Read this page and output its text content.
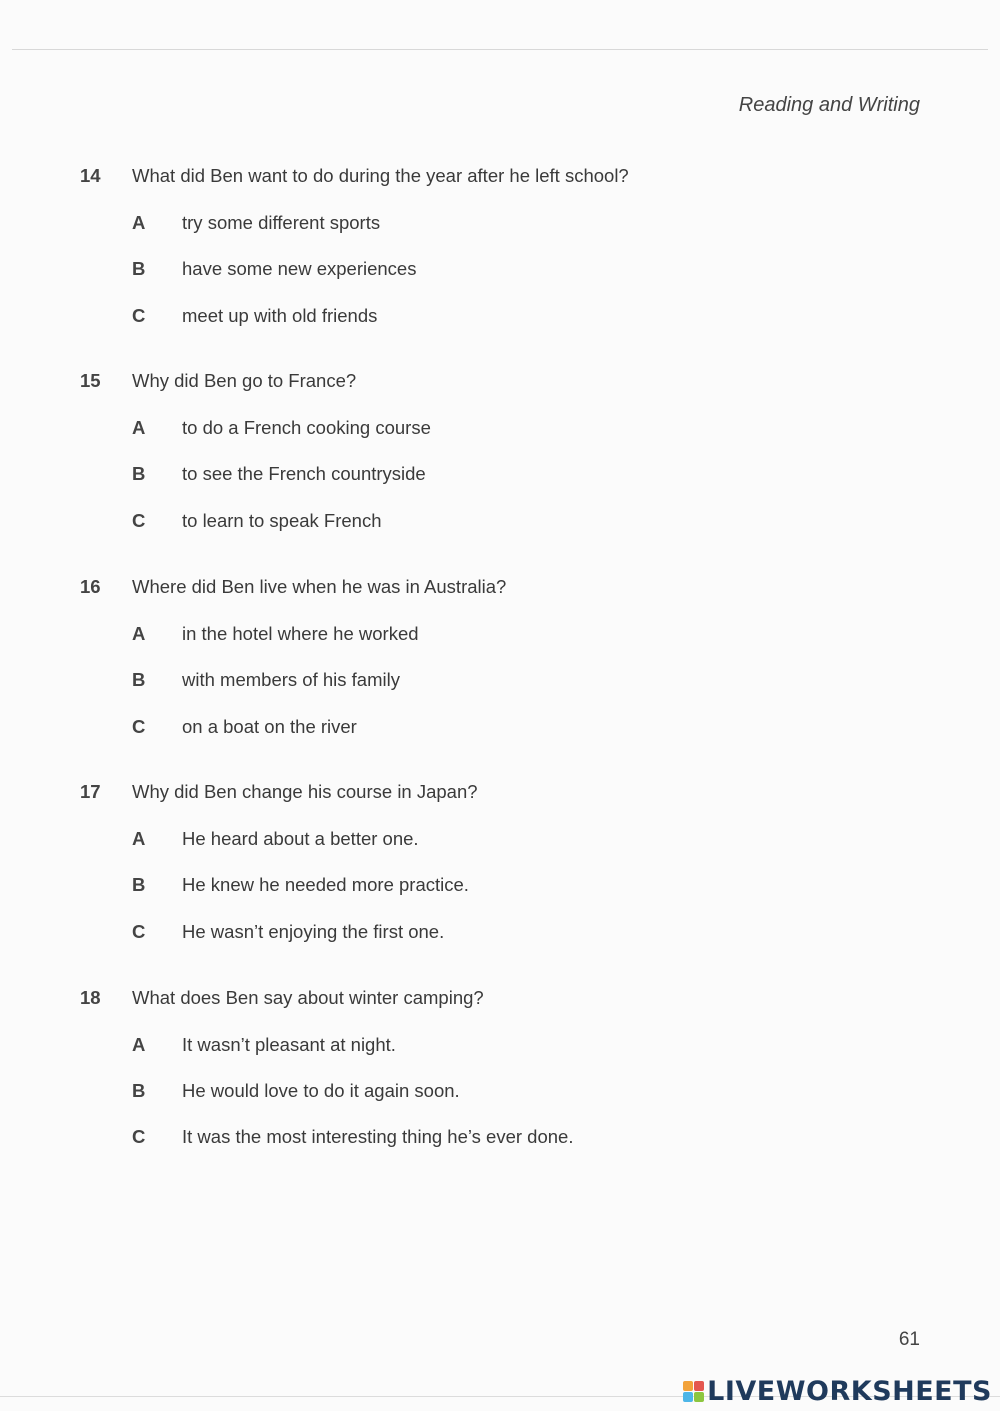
Reading and Writing
14 What did Ben want to do during the year after he left school?
A try some different sports
B have some new experiences
C meet up with old friends
15 Why did Ben go to France?
A to do a French cooking course
B to see the French countryside
C to learn to speak French
16 Where did Ben live when he was in Australia?
A in the hotel where he worked
B with members of his family
C on a boat on the river
17 Why did Ben change his course in Japan?
A He heard about a better one.
B He knew he needed more practice.
C He wasn’t enjoying the first one.
18 What does Ben say about winter camping?
A It wasn’t pleasant at night.
B He would love to do it again soon.
C It was the most interesting thing he’s ever done.
61
LIVEWORKSHEETS
